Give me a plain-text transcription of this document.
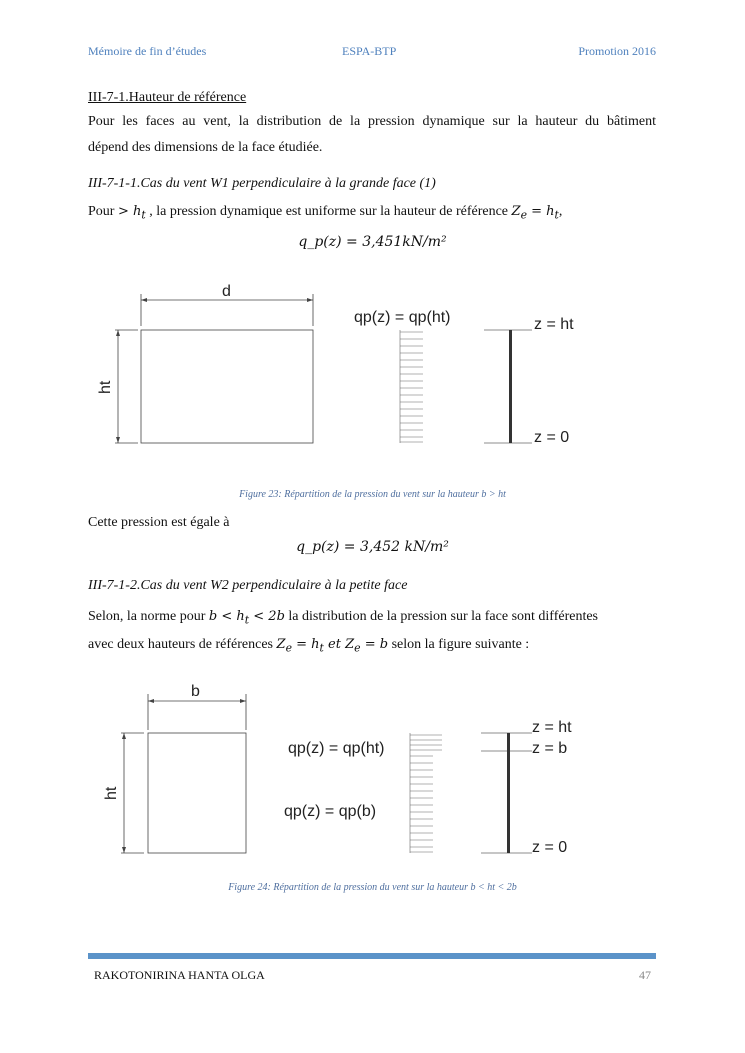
Mémoire de fin d’études	ESPA-BTP	Promotion 2016
III-7-1.Hauteur de référence
Pour les faces au vent, la distribution de la pression dynamique sur la hauteur du bâtiment
dépend des dimensions de la face étudiée.
III-7-1-1.Cas du vent W1 perpendiculaire à la grande face (1)
Pour > $h_t$ , la pression dynamique est uniforme sur la hauteur de référence $Z_e = h_t$,
q_p(z) = 3,451kN/m²
d
ht
qp(z) = qp(ht)	z = ht
z = 0
Figure 23: Répartition de la pression du vent sur la hauteur b > ht
Cette pression est égale à
q_p(z) = 3,452 kN/m²
III-7-1-2.Cas du vent W2 perpendiculaire à la petite face
Selon, la norme pour $b < h_t < 2b$ la distribution de la pression sur la face sont différentes
avec deux hauteurs de références $Z_e = h_t$ et $Z_e = b$ selon la figure suivante :
b
ht
qp(z) = qp(ht)
qp(z) = qp(b)
z = ht
z = b
z = 0
Figure 24: Répartition de la pression du vent sur la hauteur b < ht < 2b
RAKOTONIRINA HANTA OLGA	47
